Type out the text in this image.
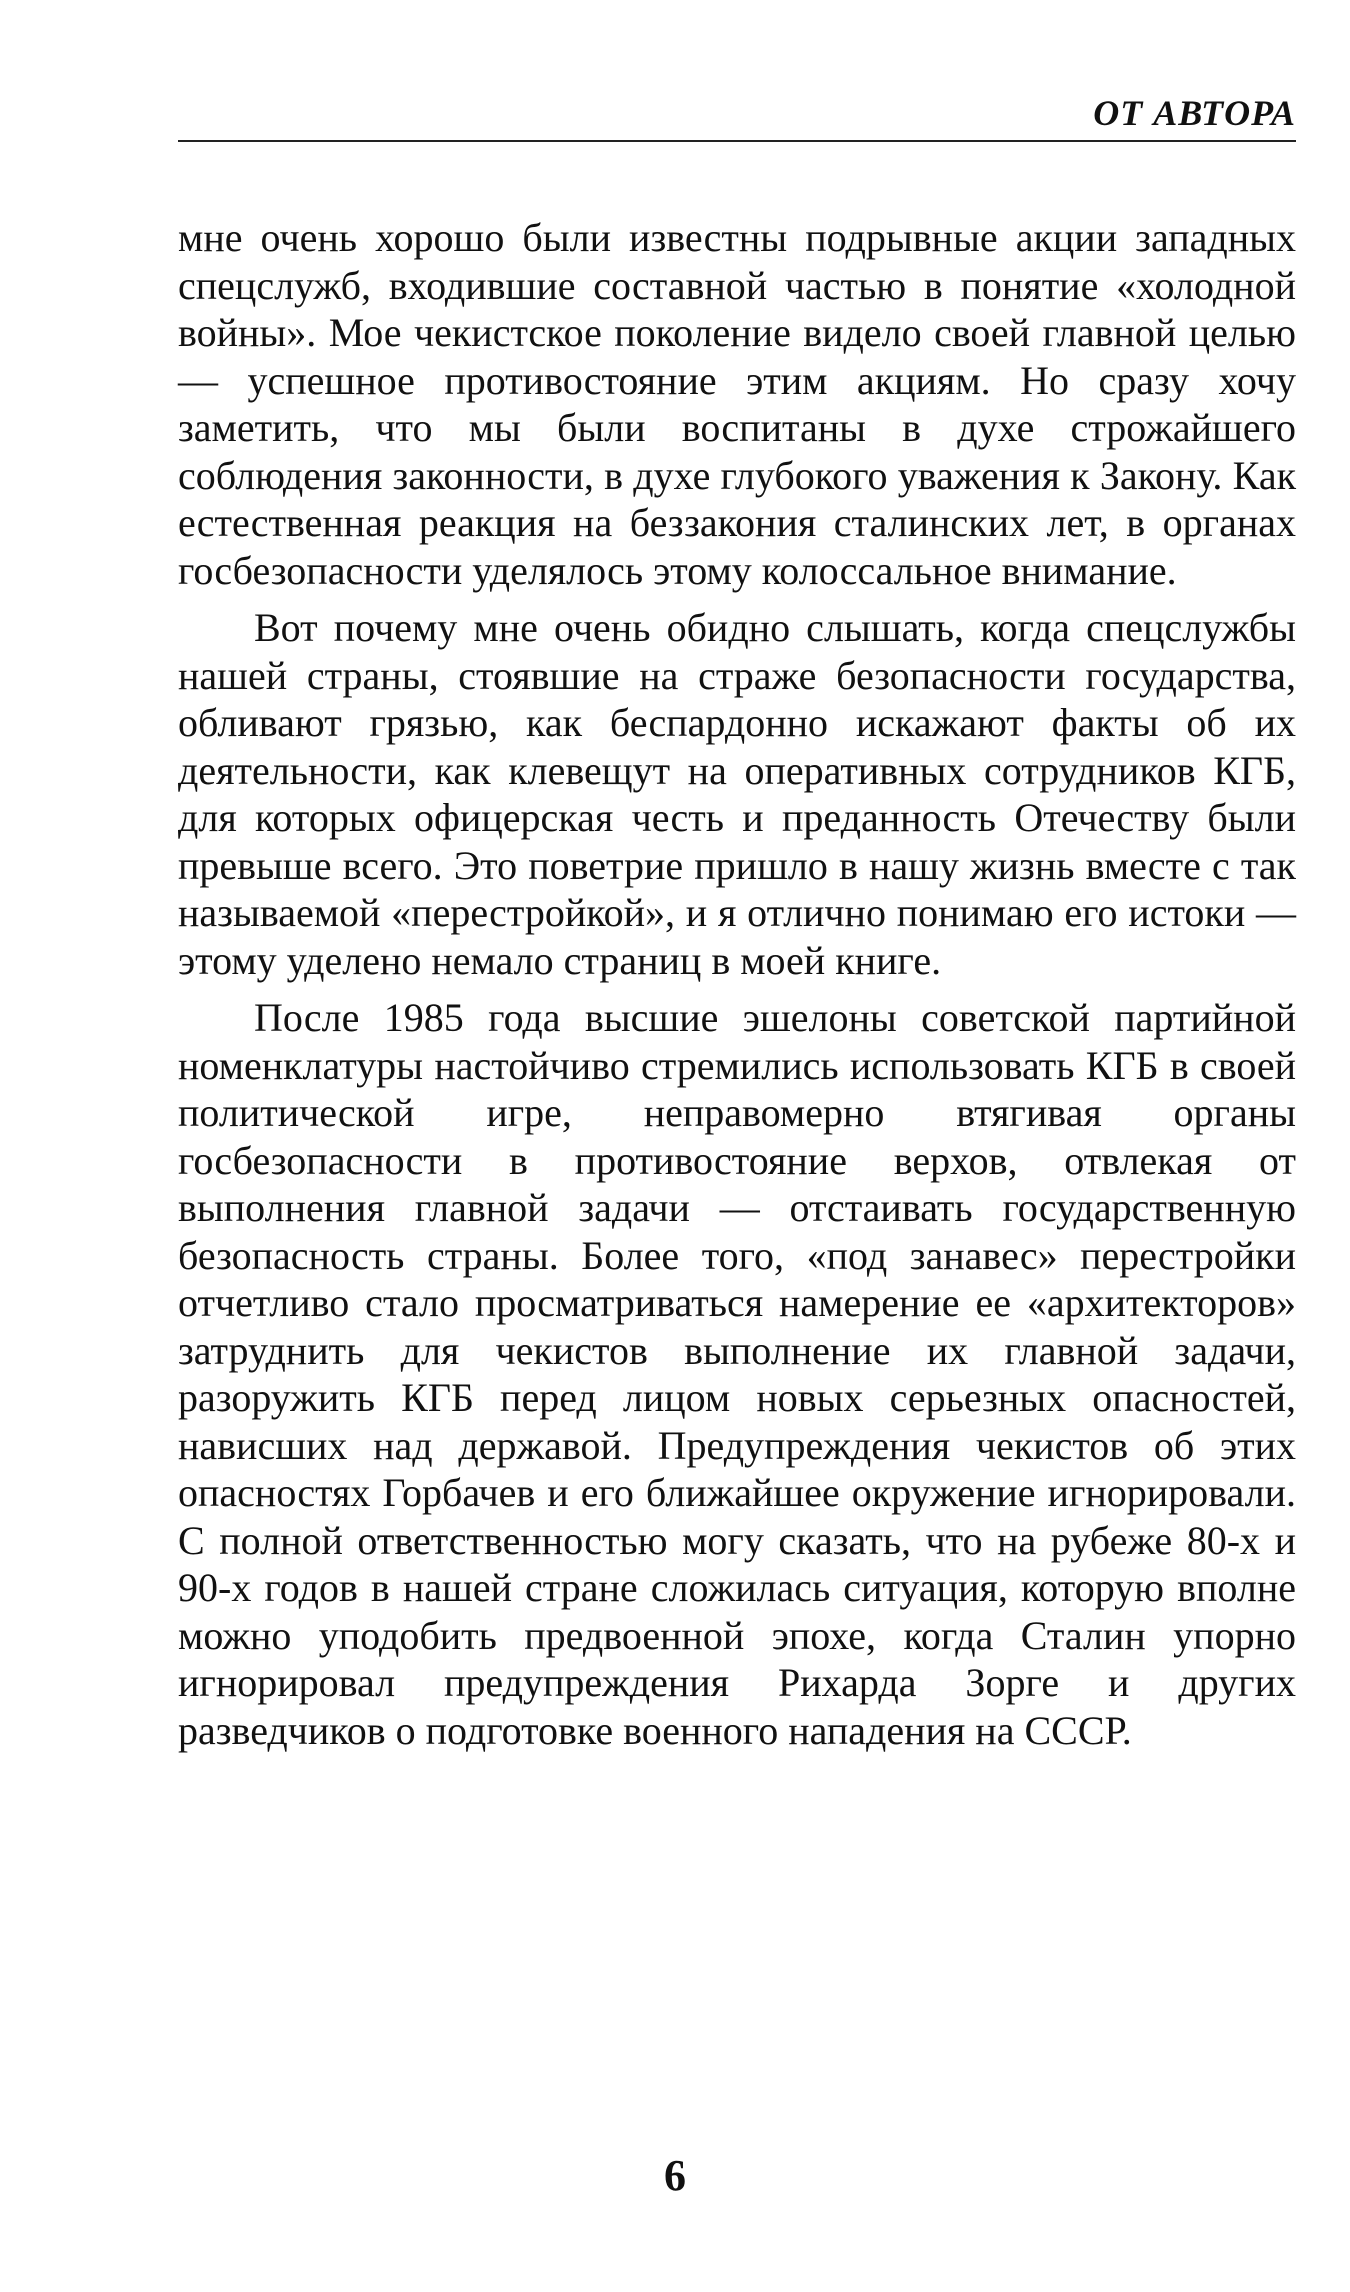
ОТ АВТОРА

мне очень хорошо были известны подрывные акции западных спецслужб, входившие составной частью в понятие «холодной войны». Мое чекистское поколение видело своей главной целью — успешное противостояние этим акциям. Но сразу хочу заметить, что мы были воспитаны в духе строжайшего соблюдения законности, в духе глубокого уважения к Закону. Как естественная реакция на беззакония сталинских лет, в органах госбезопасности уделялось этому колоссальное внимание.

Вот почему мне очень обидно слышать, когда спецслужбы нашей страны, стоявшие на страже безопасности государства, обливают грязью, как беспардонно искажают факты об их деятельности, как клевещут на оперативных сотрудников КГБ, для которых офицерская честь и преданность Отечеству были превыше всего. Это поветрие пришло в нашу жизнь вместе с так называемой «перестройкой», и я отлично понимаю его истоки — этому уделено немало страниц в моей книге.

После 1985 года высшие эшелоны советской партийной номенклатуры настойчиво стремились использовать КГБ в своей политической игре, неправомерно втягивая органы госбезопасности в противостояние верхов, отвлекая от выполнения главной задачи — отстаивать государственную безопасность страны. Более того, «под занавес» перестройки отчетливо стало просматриваться намерение ее «архитекторов» затруднить для чекистов выполнение их главной задачи, разоружить КГБ перед лицом новых серьезных опасностей, нависших над державой. Предупреждения чекистов об этих опасностях Горбачев и его ближайшее окружение игнорировали. С полной ответственностью могу сказать, что на рубеже 80-х и 90-х годов в нашей стране сложилась ситуация, которую вполне можно уподобить предвоенной эпохе, когда Сталин упорно игнорировал предупреждения Рихарда Зорге и других разведчиков о подготовке военного нападения на СССР.

6
